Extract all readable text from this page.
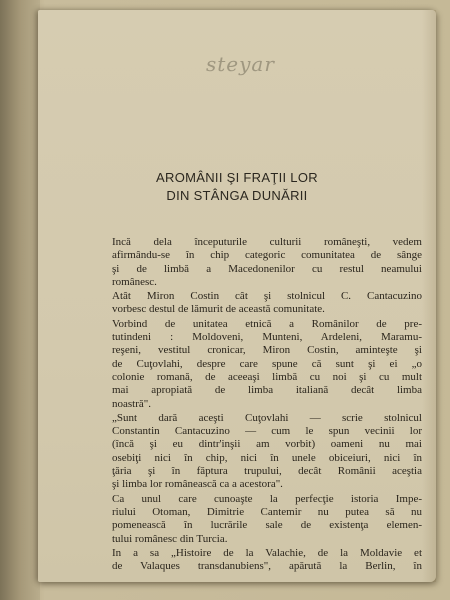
steyar
AROMÂNII ŞI FRAŢII LOR
DIN STÂNGA DUNĂRII

Incă dela începuturile culturii româneşti, vedem
afirmându-se în chip categoric comunitatea de sânge
şi de limbă a Macedonenilor cu restul neamului
românesc.

Atât Miron Costin cât şi stolnicul C. Cantacuzino
vorbesc destul de lămurit de această comunitate.

Vorbind de unitatea etnică a Românilor de pre-
tutindeni : Moldoveni, Munteni, Ardeleni, Maramu-
reşeni, vestitul cronicar, Miron Costin, aminteşte şi
de Cuţovlahi, despre care spune că sunt şi ei „o
colonie romană, de aceeaşi limbă cu noi şi cu mult
mai apropiată de limba italiană decât limba
noastră".

„Sunt dară aceşti Cuţovlahi — scrie stolnicul
Constantin Cantacuzino — cum le spun vecinii lor
(încă şi eu dintr'inşii am vorbit) oameni nu mai
osebiţi nici în chip, nici în unele obiceiuri, nici în
ţăria şi în făptura trupului, decât Românii aceştia
şi limba lor românească ca a acestora".

Ca unul care cunoaşte la perfecţie istoria Impe-
riului Otoman, Dimitrie Cantemir nu putea să nu
pomenească în lucrările sale de existenţa elemen-
tului românesc din Turcia.

In a sa „Histoire de la Valachie, de la Moldavie et
de Valaques transdanubiens", apărută la Berlin, în
